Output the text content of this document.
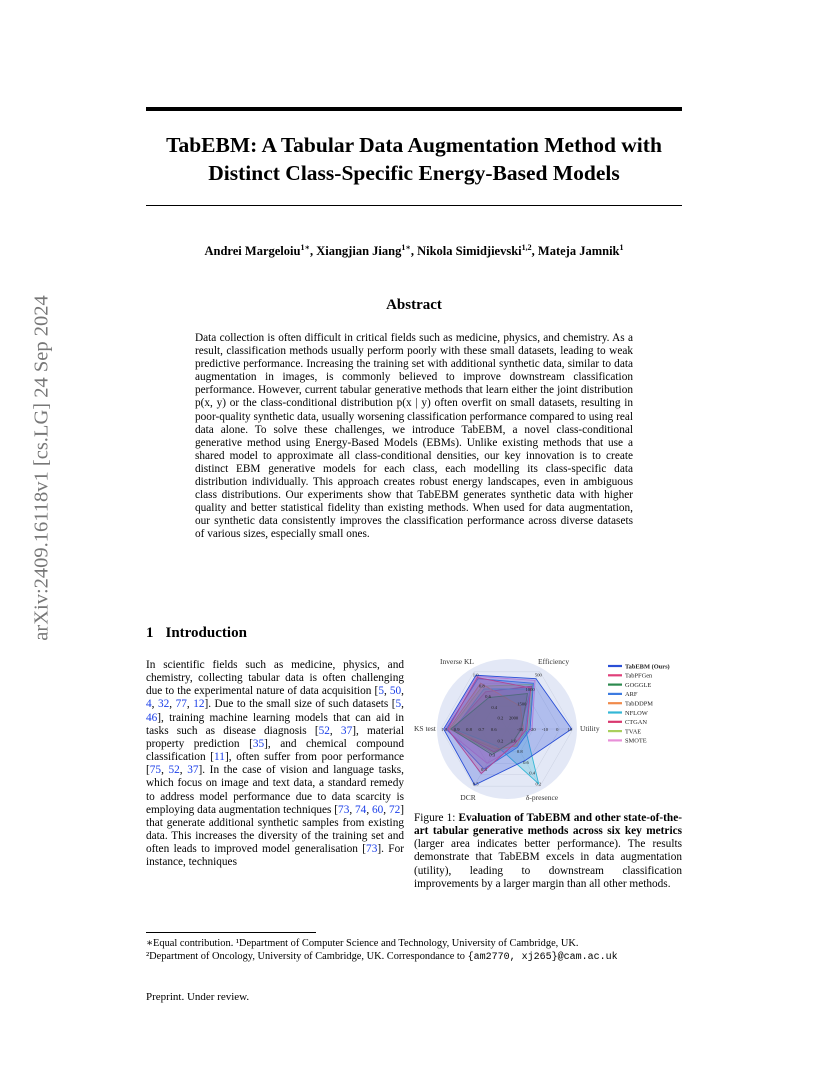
TabEBM: A Tabular Data Augmentation Method with
Distinct Class-Specific Energy-Based Models
Andrei Margeloiu$^{1∗}$, Xiangjian Jiang$^{1∗}$, Nikola Simidjievski$^{1,2}$, Mateja Jamnik$^1$
arXiv:2409.16118v1 [cs.LG] 24 Sep 2024	Abstract
Data collection is often difficult in critical fields such as medicine, physics, and chemistry. As a result, classification methods usually perform poorly with these small datasets, leading to weak predictive performance. Increasing the training set with additional synthetic data, similar to data augmentation in images, is commonly believed to improve downstream classification performance. However, current tabular generative methods that learn either the joint distribution p(x, y) or the class-conditional distribution p(x | y) often overfit on small datasets, resulting in poor-quality synthetic data, usually worsening classification performance compared to using real data alone. To solve these challenges, we introduce TabEBM, a novel class-conditional generative method using Energy-Based Models (EBMs). Unlike existing methods that use a shared model to approximate all class-conditional densities, our key innovation is to create distinct EBM generative models for each class, each modelling its class-specific data distribution individually. This approach creates robust energy landscapes, even in ambiguous class distributions. Our experiments show that TabEBM generates synthetic data with higher quality and better statistical fidelity than existing methods. When used for data augmentation, our synthetic data consistently improves the classification performance across diverse datasets of various sizes, especially small ones.
1 Introduction
In scientific fields such as medicine, physics, and chemistry, collecting tabular data is often challenging due to the experimental nature of data acquisition [5, 50, 4, 32, 77, 12]. Due to the small size of such datasets [5, 46], training machine learning models that can aid in tasks such as disease diagnosis [52, 37], material property prediction [35], and chemical compound classification [11], often suffer from poor performance [75, 52, 37]. In the case of vision and language tasks, which focus on image and text data, a standard remedy to address model performance due to data scarcity is employing data augmentation techniques [73, 74, 60, 72] that generate additional synthetic samples from existing data. This increases the diversity of the training set and often leads to improved model generalisation [73]. For instance, techniques
Efficiency
Utility
δ-presence
DCR
KS test
Inverse KL
500
1000
1500
2000
10
0
-10
-20
-30
0.2
0.4
0.6
0.8
1.0
0.5
0.4
0.3
0.2
1.0 0.9 0.8 0.7 0.6
1.0
0.8
0.6
0.4
0.2
TabEBM (Ours)
TabPFGen
GOGGLE
ARF
TabDDPM
NFLOW
CTGAN
TVAE
SMOTE
Figure 1: Evaluation of TabEBM and other state-of-the-art tabular generative methods across six key metrics (larger area indicates better performance). The results demonstrate that TabEBM excels in data augmentation (utility), leading to downstream classification improvements by a larger margin than all other methods.
∗Equal contribution. ¹Department of Computer Science and Technology, University of Cambridge, UK.
²Department of Oncology, University of Cambridge, UK. Correspondance to {am2770, xj265}@cam.ac.uk
Preprint. Under review.
